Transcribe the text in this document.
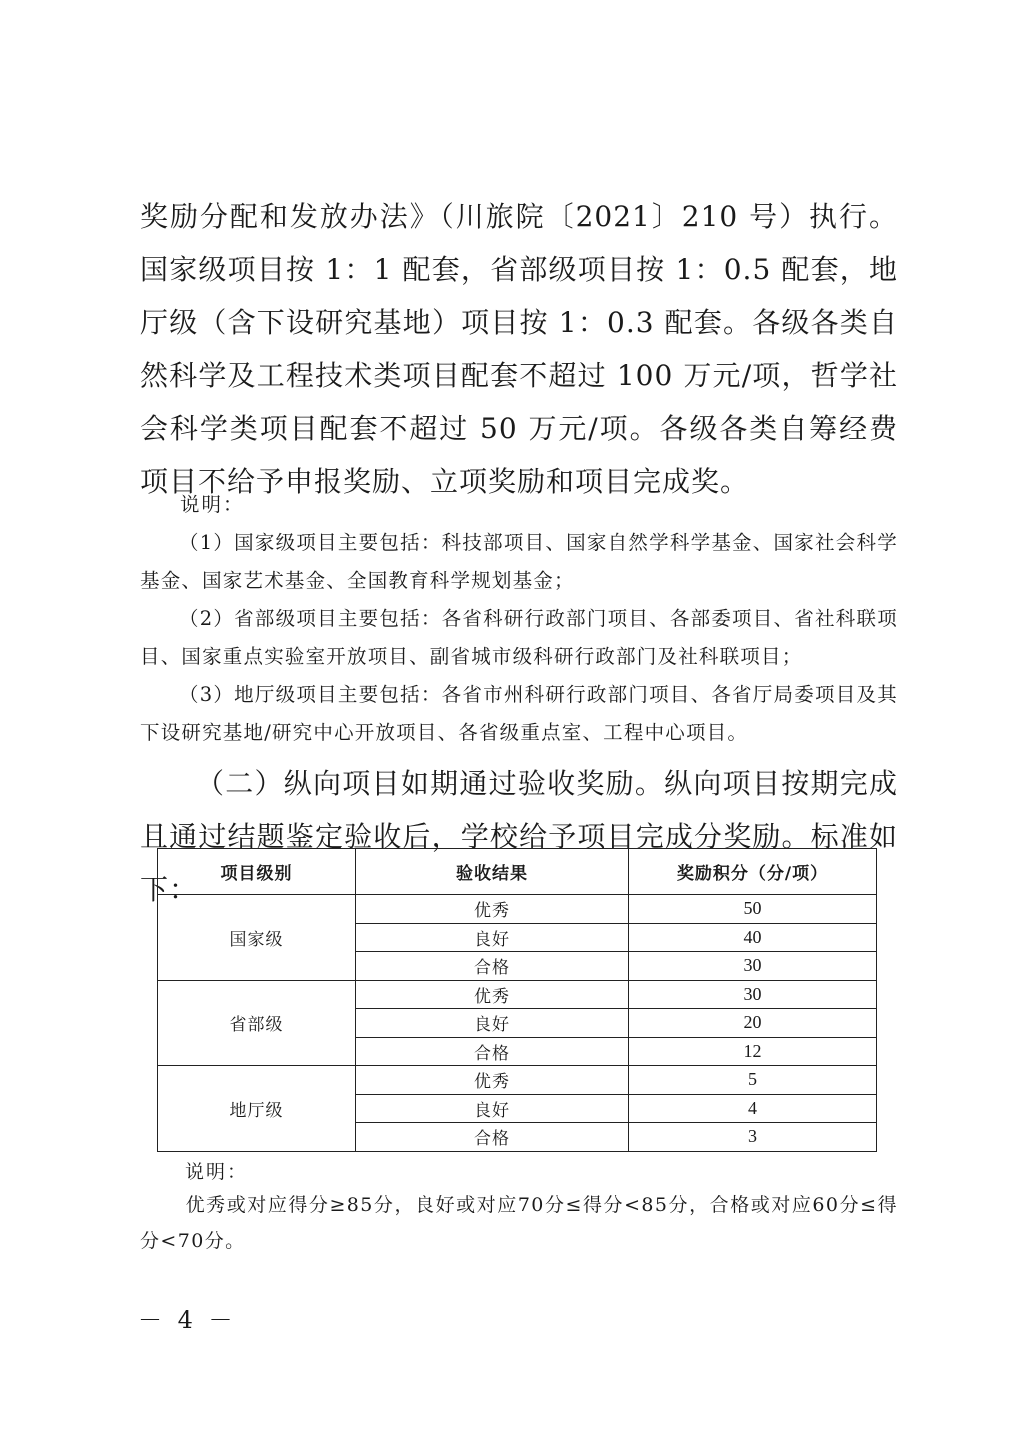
奖励分配和发放办法》（川旅院〔2021〕210 号）执行。国家级项目按 1：1 配套，省部级项目按 1：0.5 配套，地厅级（含下设研究基地）项目按 1：0.3 配套。各级各类自然科学及工程技术类项目配套不超过 100 万元/项，哲学社会科学类项目配套不超过 50 万元/项。各级各类自筹经费项目不给予申报奖励、立项奖励和项目完成奖。

说明：

（1）国家级项目主要包括：科技部项目、国家自然学科学基金、国家社会科学基金、国家艺术基金、全国教育科学规划基金；

（2）省部级项目主要包括：各省科研行政部门项目、各部委项目、省社科联项目、国家重点实验室开放项目、副省城市级科研行政部门及社科联项目；

（3）地厅级项目主要包括：各省市州科研行政部门项目、各省厅局委项目及其下设研究基地/研究中心开放项目、各省级重点室、工程中心项目。

（二）纵向项目如期通过验收奖励。纵向项目按期完成且通过结题鉴定验收后，学校给予项目完成分奖励。标准如下：	项目级别	验收结果	奖励积分（分/项）
国家级	优秀	50
	良好	40
	合格	30
省部级	优秀	30
	良好	20
	合格	12
地厅级	优秀	5
	良好	4
	合格	3
说明：

优秀或对应得分≥85分，良好或对应70分≤得分<85分，合格或对应60分≤得分<70分。

－ 4 －
